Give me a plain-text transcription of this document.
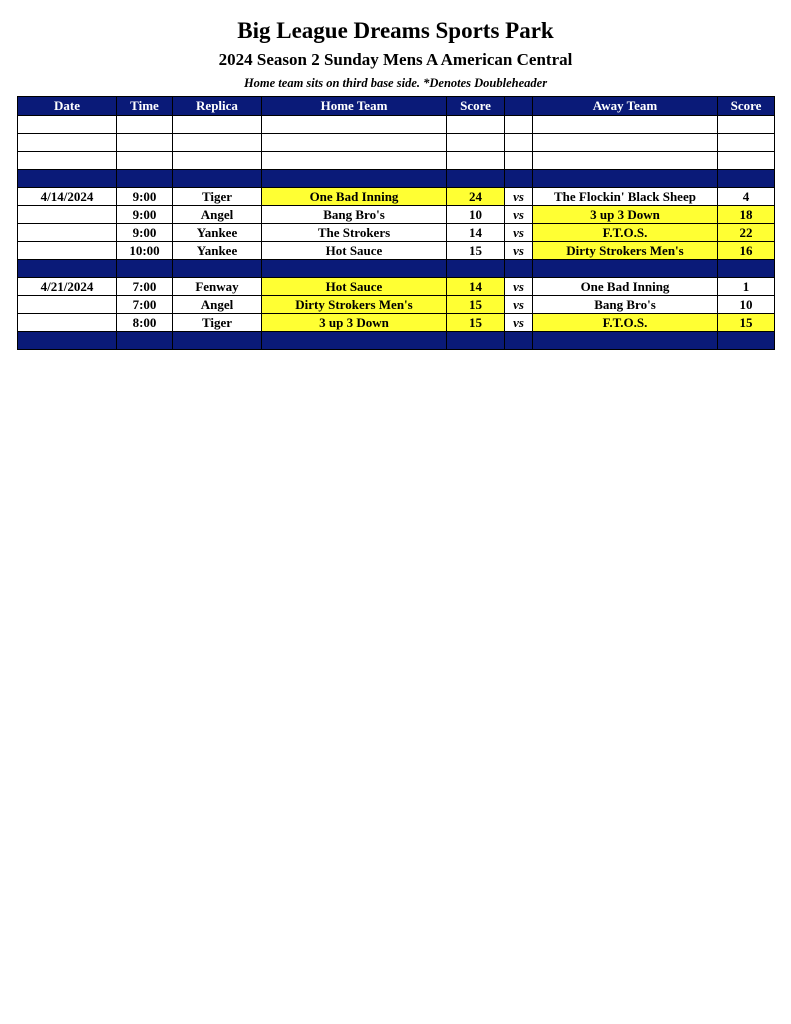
Big League Dreams Sports Park
2024 Season 2 Sunday Mens A American Central
Home team sits on third base side. *Denotes Doubleheader
Date	Time	Replica	Home Team	Score		Away Team	Score

4/14/2024	9:00	Tiger	One Bad Inning	24	vs	The Flockin' Black Sheep	4
	9:00	Angel	Bang Bro's	10	vs	3 up 3 Down	18
	9:00	Yankee	The Strokers	14	vs	F.T.O.S.	22
	10:00	Yankee	Hot Sauce	15	vs	Dirty Strokers Men's	16

4/21/2024	7:00	Fenway	Hot Sauce	14	vs	One Bad Inning	1
	7:00	Angel	Dirty Strokers Men's	15	vs	Bang Bro's	10
	8:00	Tiger	3 up 3 Down	15	vs	F.T.O.S.	15
